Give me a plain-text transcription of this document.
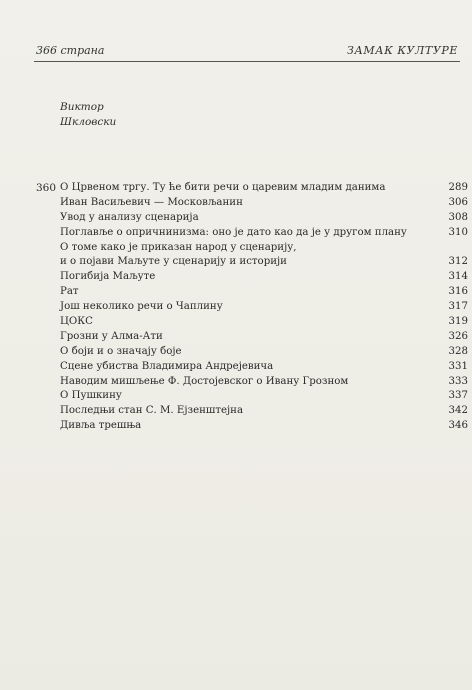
366 страна	ЗАМАК КУЛТУРЕ
Виктор
Шкловски
360 О Црвеном тргу. Ту ће бити речи о царевим младим данима	289
Иван Васиљевич — Московљанин	306
Увод у анализу сценарија	308
Поглавље о опричнинизма: оно је дато као да је у другом плану	310
О томе како је приказан народ у сценарију,
и о појави Маљуте у сценарију и историји	312
Погибија Маљуте	314
Рат	316
Још неколико речи о Чаплину	317
ЦОКС	319
Грозни у Алма-Ати	326
О боји и о значају боје	328
Сцене убиства Владимира Андрејевича	331
Наводим мишљење Ф. Достојевског о Ивану Грозном	333
О Пушкину	337
Последњи стан С. М. Ејзенштејна	342
Дивља трешња	346
